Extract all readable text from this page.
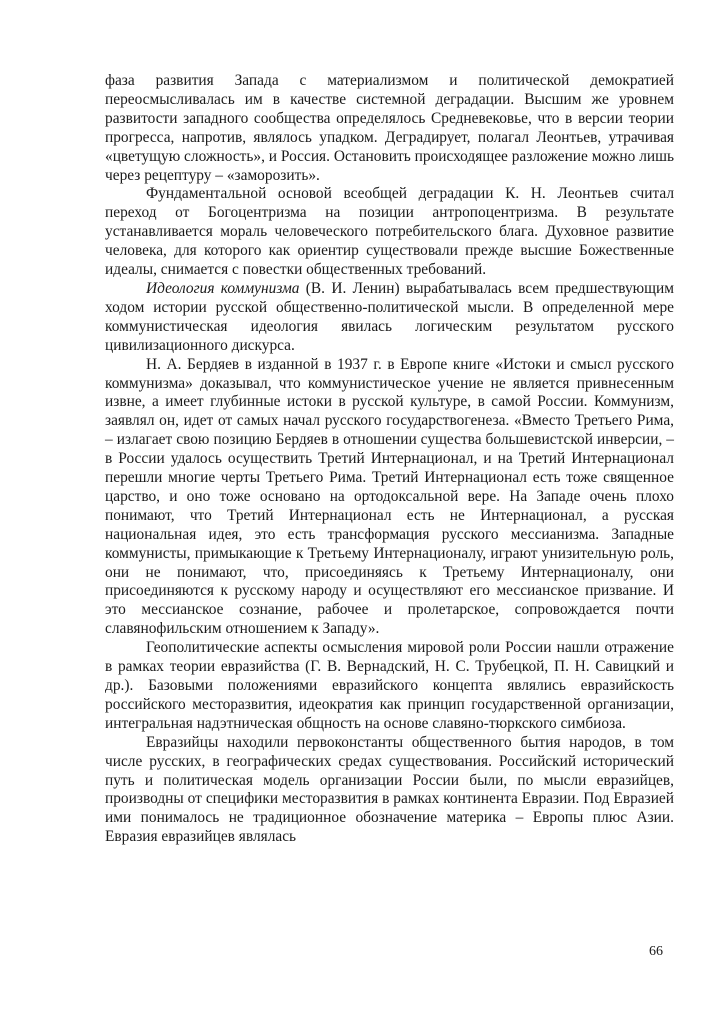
фаза развития Запада с материализмом и политической демократией переосмысливалась им в качестве системной деградации. Высшим же уровнем развитости западного сообщества определялось Средневековье, что в версии теории прогресса, напротив, являлось упадком. Деградирует, полагал Леонтьев, утрачивая «цветущую сложность», и Россия. Остановить происходящее разложение можно лишь через рецептуру – «заморозить».

Фундаментальной основой всеобщей деградации К. Н. Леонтьев считал переход от Богоцентризма на позиции антропоцентризма. В результате устанавливается мораль человеческого потребительского блага. Духовное развитие человека, для которого как ориентир существовали прежде высшие Божественные идеалы, снимается с повестки общественных требований.

Идеология коммунизма (В. И. Ленин) вырабатывалась всем предшествующим ходом истории русской общественно-политической мысли. В определенной мере коммунистическая идеология явилась логическим результатом русского цивилизационного дискурса.

Н. А. Бердяев в изданной в 1937 г. в Европе книге «Истоки и смысл русского коммунизма» доказывал, что коммунистическое учение не является привнесенным извне, а имеет глубинные истоки в русской культуре, в самой России. Коммунизм, заявлял он, идет от самых начал русского государствогенеза. «Вместо Третьего Рима, – излагает свою позицию Бердяев в отношении существа большевистской инверсии, – в России удалось осуществить Третий Интернационал, и на Третий Интернационал перешли многие черты Третьего Рима. Третий Интернационал есть тоже священное царство, и оно тоже основано на ортодоксальной вере. На Западе очень плохо понимают, что Третий Интернационал есть не Интернационал, а русская национальная идея, это есть трансформация русского мессианизма. Западные коммунисты, примыкающие к Третьему Интернационалу, играют унизительную роль, они не понимают, что, присоединяясь к Третьему Интернационалу, они присоединяются к русскому народу и осуществляют его мессианское призвание. И это мессианское сознание, рабочее и пролетарское, сопровождается почти славянофильским отношением к Западу».

Геополитические аспекты осмысления мировой роли России нашли отражение в рамках теории евразийства (Г. В. Вернадский, Н. С. Трубецкой, П. Н. Савицкий и др.). Базовыми положениями евразийского концепта являлись евразийскость российского месторазвития, идеократия как принцип государственной организации, интегральная надэтническая общность на основе славяно-тюркского симбиоза.

Евразийцы находили первоконстанты общественного бытия народов, в том числе русских, в географических средах существования. Российский исторический путь и политическая модель организации России были, по мысли евразийцев, производны от специфики месторазвития в рамках континента Евразии. Под Евразией ими понималось не традиционное обозначение материка – Европы плюс Азии. Евразия евразийцев являлась

66
